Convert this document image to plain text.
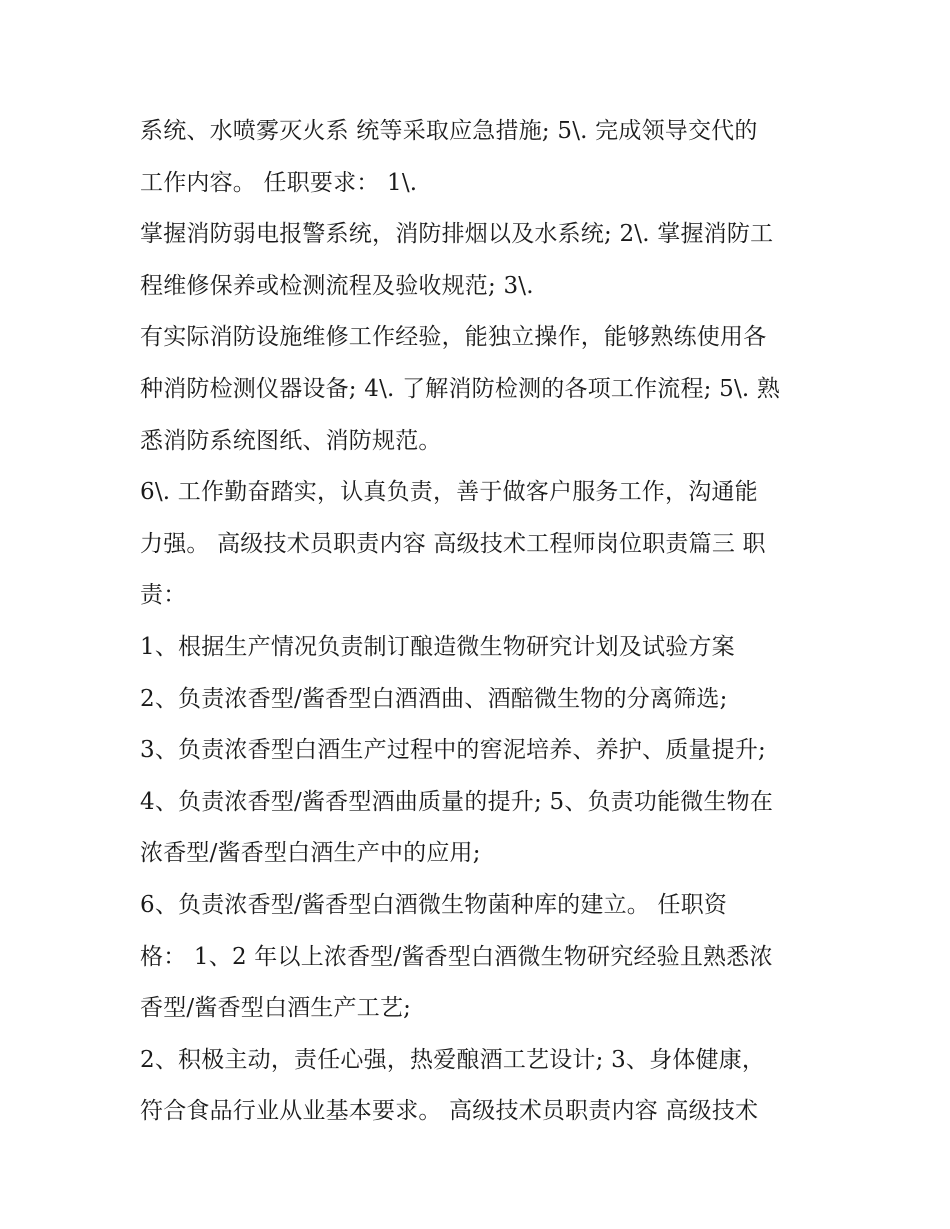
系统、水喷雾灭火系 统等采取应急措施; 5\. 完成领导交代的
工作内容。 任职要求： 1\.
掌握消防弱电报警系统，消防排烟以及水系统; 2\. 掌握消防工
程维修保养或检测流程及验收规范; 3\.
有实际消防设施维修工作经验，能独立操作，能够熟练使用各
种消防检测仪器设备; 4\. 了解消防检测的各项工作流程; 5\. 熟
悉消防系统图纸、消防规范。
6\. 工作勤奋踏实，认真负责，善于做客户服务工作，沟通能
力强。 高级技术员职责内容 高级技术工程师岗位职责篇三 职
责：
1、根据生产情况负责制订酿造微生物研究计划及试验方案
2、负责浓香型/酱香型白酒酒曲、酒醅微生物的分离筛选;
3、负责浓香型白酒生产过程中的窖泥培养、养护、质量提升;
4、负责浓香型/酱香型酒曲质量的提升; 5、负责功能微生物在
浓香型/酱香型白酒生产中的应用;
6、负责浓香型/酱香型白酒微生物菌种库的建立。 任职资
格： 1、2 年以上浓香型/酱香型白酒微生物研究经验且熟悉浓
香型/酱香型白酒生产工艺;
2、积极主动，责任心强，热爱酿酒工艺设计; 3、身体健康，
符合食品行业从业基本要求。 高级技术员职责内容 高级技术
